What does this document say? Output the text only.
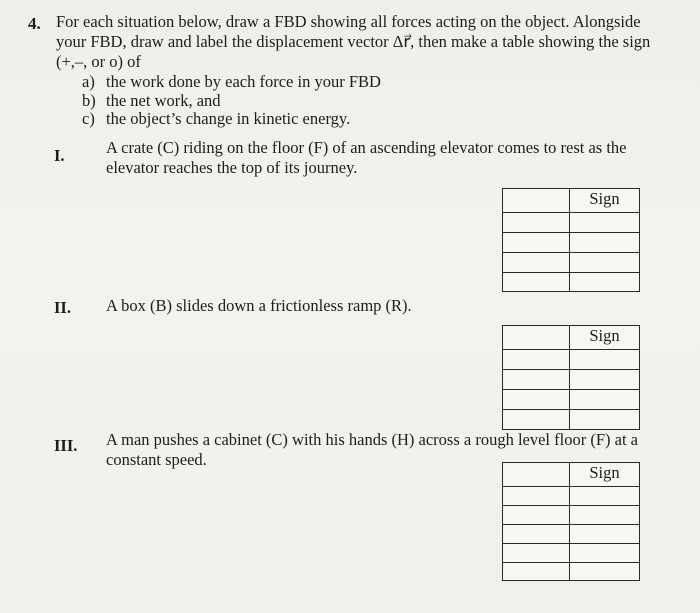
4. For each situation below, draw a FBD showing all forces acting on the object. Alongside your FBD, draw and label the displacement vector Δr⃗, then make a table showing the sign (+,–, or o) of
a) the work done by each force in your FBD
b) the net work, and
c) the object’s change in kinetic energy.
I.	A crate (C) riding on the floor (F) of an ascending elevator comes to rest as the elevator reaches the top of its journey.
	Sign

II. A box (B) slides down a frictionless ramp (R).
	Sign

III. A man pushes a cabinet (C) with his hands (H) across a rough level floor (F) at a constant speed.
	Sign
